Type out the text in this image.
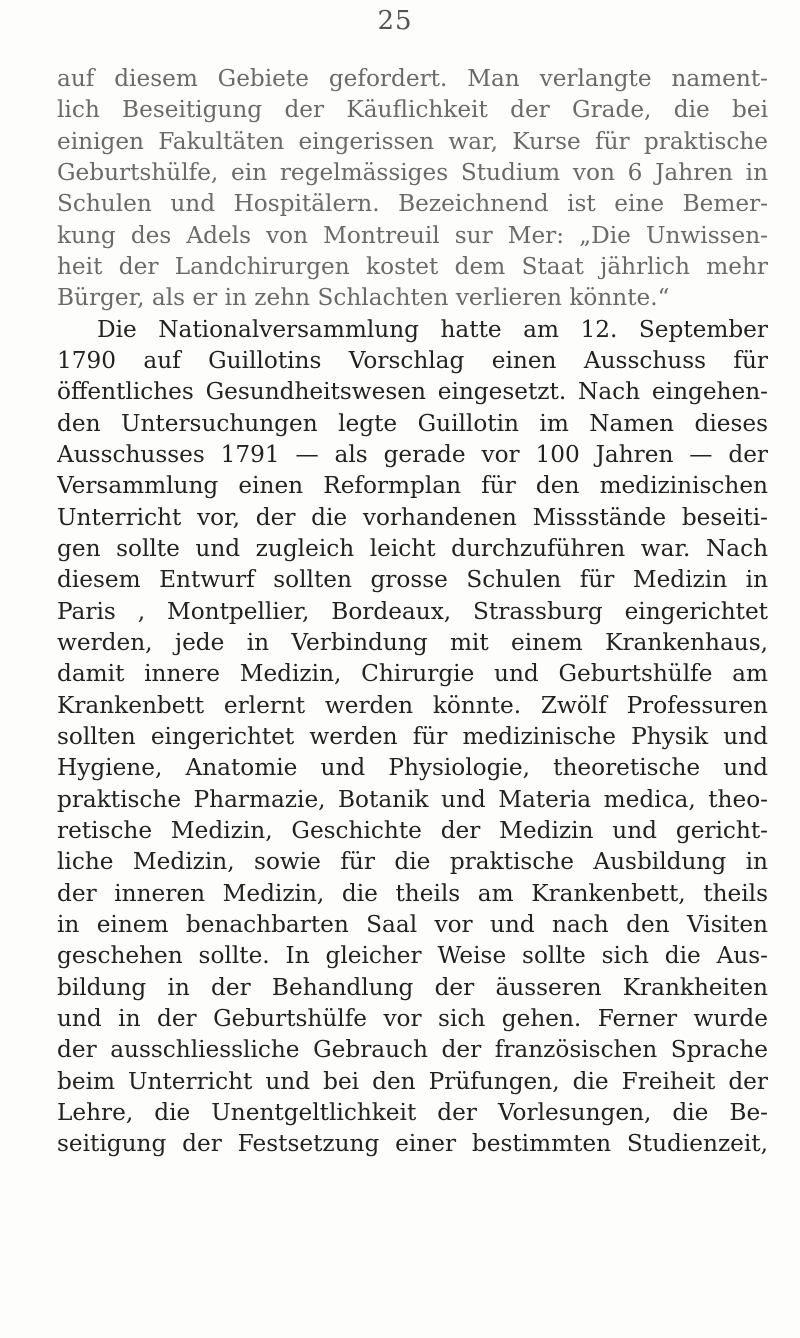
25
auf diesem Gebiete gefordert. Man verlangte nament-
lich Beseitigung der Käuflichkeit der Grade, die bei
einigen Fakultäten eingerissen war, Kurse für praktische
Geburtshülfe, ein regelmässiges Studium von 6 Jahren in
Schulen und Hospitälern. Bezeichnend ist eine Bemer-
kung des Adels von Montreuil sur Mer: „Die Unwissen-
heit der Landchirurgen kostet dem Staat jährlich mehr
Bürger, als er in zehn Schlachten verlieren könnte.“
Die Nationalversammlung hatte am 12. September
1790 auf Guillotins Vorschlag einen Ausschuss für
öffentliches Gesundheitswesen eingesetzt. Nach eingehen-
den Untersuchungen legte Guillotin im Namen dieses
Ausschusses 1791 — als gerade vor 100 Jahren — der
Versammlung einen Reformplan für den medizinischen
Unterricht vor, der die vorhandenen Missstände beseiti-
gen sollte und zugleich leicht durchzuführen war. Nach
diesem Entwurf sollten grosse Schulen für Medizin in
Paris , Montpellier, Bordeaux, Strassburg eingerichtet
werden, jede in Verbindung mit einem Krankenhaus,
damit innere Medizin, Chirurgie und Geburtshülfe am
Krankenbett erlernt werden könnte. Zwölf Professuren
sollten eingerichtet werden für medizinische Physik und
Hygiene, Anatomie und Physiologie, theoretische und
praktische Pharmazie, Botanik und Materia medica, theo-
retische Medizin, Geschichte der Medizin und gericht-
liche Medizin, sowie für die praktische Ausbildung in
der inneren Medizin, die theils am Krankenbett, theils
in einem benachbarten Saal vor und nach den Visiten
geschehen sollte. In gleicher Weise sollte sich die Aus-
bildung in der Behandlung der äusseren Krankheiten
und in der Geburtshülfe vor sich gehen. Ferner wurde
der ausschliessliche Gebrauch der französischen Sprache
beim Unterricht und bei den Prüfungen, die Freiheit der
Lehre, die Unentgeltlichkeit der Vorlesungen, die Be-
seitigung der Festsetzung einer bestimmten Studienzeit,
